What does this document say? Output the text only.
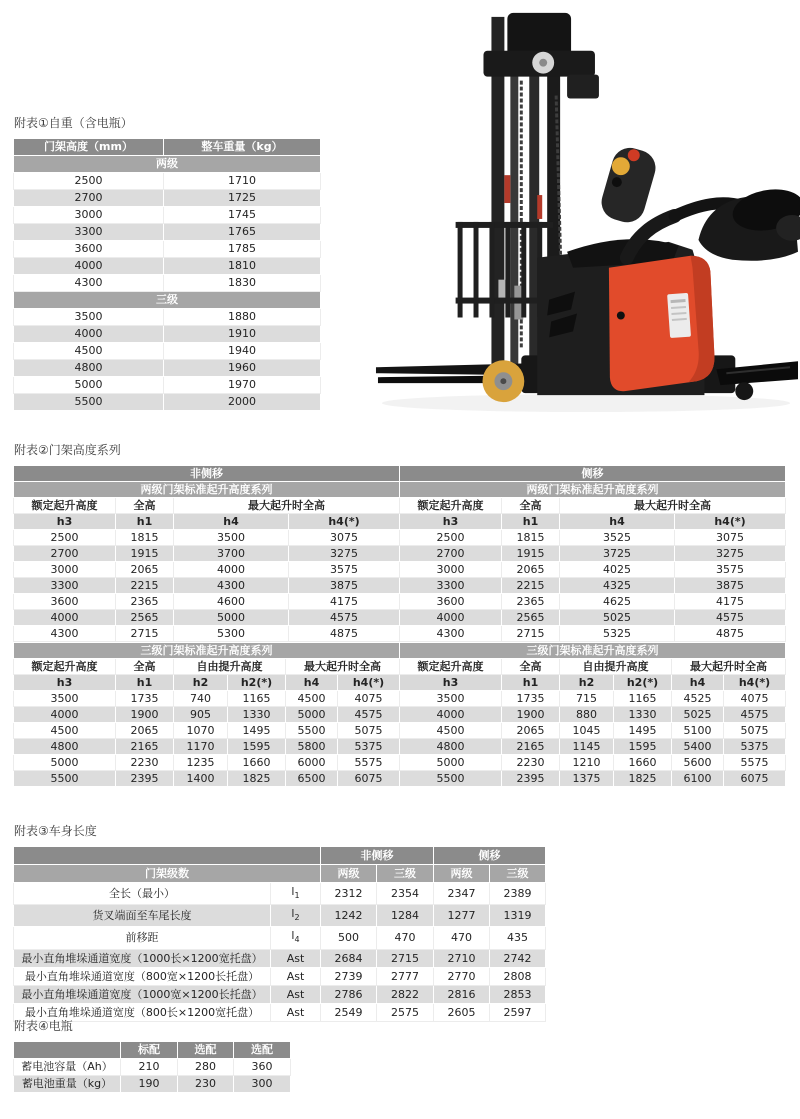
附表①自重（含电瓶）
门架高度（mm）	整车重量（kg）
两级	
2500	1710
2700	1725
3000	1745
3300	1765
3600	1785
4000	1810
4300	1830
三级	
3500	1880
4000	1910
4500	1940
4800	1960
5000	1970
5500	2000
附表②门架高度系列
非侧移				侧移			
两级门架标准起升高度系列				两级门架标准起升高度系列			
额定起升高度	全高	最大起升时全高		额定起升高度	全高	最大起升时全高	
h3	h1	h4	h4(*)	h3	h1	h4	h4(*)
2500	1815	3500	3075	2500	1815	3525	3075
2700	1915	3700	3275	2700	1915	3725	3275
3000	2065	4000	3575	3000	2065	4025	3575
3300	2215	4300	3875	3300	2215	4325	3875
3600	2365	4600	4175	3600	2365	4625	4175
4000	2565	5000	4575	4000	2565	5025	4575
4300	2715	5300	4875	4300	2715	5325	4875
三级门架标准起升高度系列						三级门架标准起升高度系列					
额定起升高度	全高	自由提升高度		最大起升时全高		额定起升高度	全高	自由提升高度		最大起升时全高	
h3	h1	h2	h2(*)	h4	h4(*)	h3	h1	h2	h2(*)	h4	h4(*)
3500	1735	740	1165	4500	4075	3500	1735	715	1165	4525	4075
4000	1900	905	1330	5000	4575	4000	1900	880	1330	5025	4575
4500	2065	1070	1495	5500	5075	4500	2065	1045	1495	5100	5075
4800	2165	1170	1595	5800	5375	4800	2165	1145	1595	5400	5375
5000	2230	1235	1660	6000	5575	5000	2230	1210	1660	5600	5575
5500	2395	1400	1825	6500	6075	5500	2395	1375	1825	6100	6075
附表③车身长度
		非侧移		侧移	
门架级数		两级	三级	两级	三级
全长（最小）	$l_1$	2312	2354	2347	2389
货叉端面至车尾长度	$l_2$	1242	1284	1277	1319
前移距	$l_4$	500	470	470	435
最小直角堆垛通道宽度（1000长×1200宽托盘）	Ast	2684	2715	2710	2742
最小直角堆垛通道宽度（800宽×1200长托盘）	Ast	2739	2777	2770	2808
最小直角堆垛通道宽度（1000宽×1200长托盘）	Ast	2786	2822	2816	2853
最小直角堆垛通道宽度（800长×1200宽托盘）	Ast	2549	2575	2605	2597
附表④电瓶
	标配	选配	选配
蓄电池容量（Ah）	210	280	360
蓄电池重量（kg）	190	230	300
